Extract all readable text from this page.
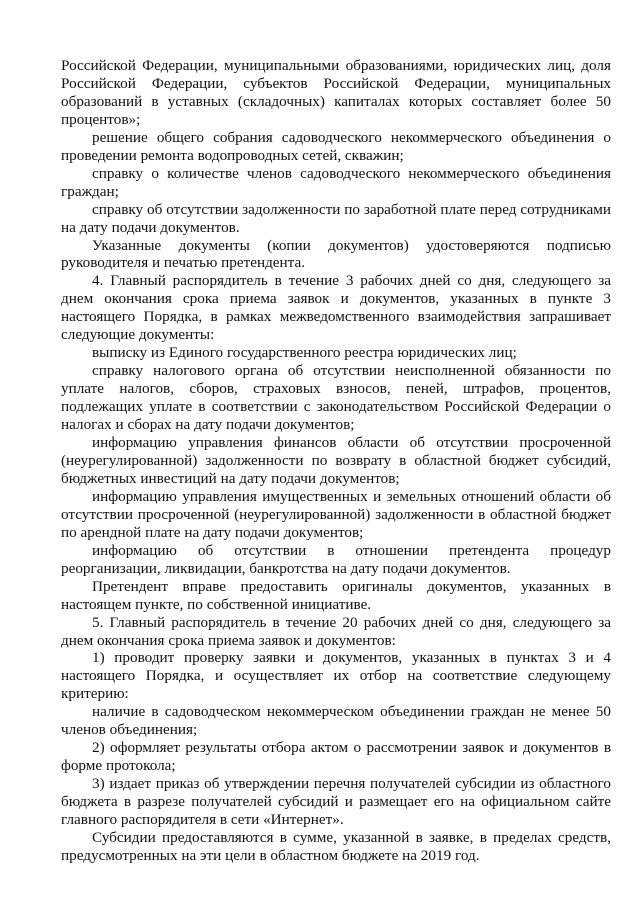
Российской Федерации, муниципальными образованиями, юридических лиц, доля Российской Федерации, субъектов Российской Федерации, муниципальных образований в уставных (складочных) капиталах которых составляет более 50 процентов»;

решение общего собрания садоводческого некоммерческого объединения о проведении ремонта водопроводных сетей, скважин;

справку о количестве членов садоводческого некоммерческого объединения граждан;

справку об отсутствии задолженности по заработной плате перед сотрудниками на дату подачи документов.

Указанные документы (копии документов) удостоверяются подписью руководителя и печатью претендента.

4. Главный распорядитель в течение 3 рабочих дней со дня, следующего за днем окончания срока приема заявок и документов, указанных в пункте 3 настоящего Порядка, в рамках межведомственного взаимодействия запрашивает следующие документы:

выписку из Единого государственного реестра юридических лиц;

справку налогового органа об отсутствии неисполненной обязанности по уплате налогов, сборов, страховых взносов, пеней, штрафов, процентов, подлежащих уплате в соответствии с законодательством Российской Федерации о налогах и сборах на дату подачи документов;

информацию управления финансов области об отсутствии просроченной (неурегулированной) задолженности по возврату в областной бюджет субсидий, бюджетных инвестиций на дату подачи документов;

информацию управления имущественных и земельных отношений области об отсутствии просроченной (неурегулированной) задолженности в областной бюджет по арендной плате на дату подачи документов;

информацию об отсутствии в отношении претендента процедур реорганизации, ликвидации, банкротства на дату подачи документов.

Претендент вправе предоставить оригиналы документов, указанных в настоящем пункте, по собственной инициативе.

5. Главный распорядитель в течение 20 рабочих дней со дня, следующего за днем окончания срока приема заявок и документов:

1) проводит проверку заявки и документов, указанных в пунктах 3 и 4 настоящего Порядка, и осуществляет их отбор на соответствие следующему критерию:

наличие в садоводческом некоммерческом объединении граждан не менее 50 членов объединения;

2) оформляет результаты отбора актом о рассмотрении заявок и документов в форме протокола;

3) издает приказ об утверждении перечня получателей субсидии из областного бюджета в разрезе получателей субсидий и размещает его на официальном сайте главного распорядителя в сети «Интернет».

Субсидии предоставляются в сумме, указанной в заявке, в пределах средств, предусмотренных на эти цели в областном бюджете на 2019 год.
